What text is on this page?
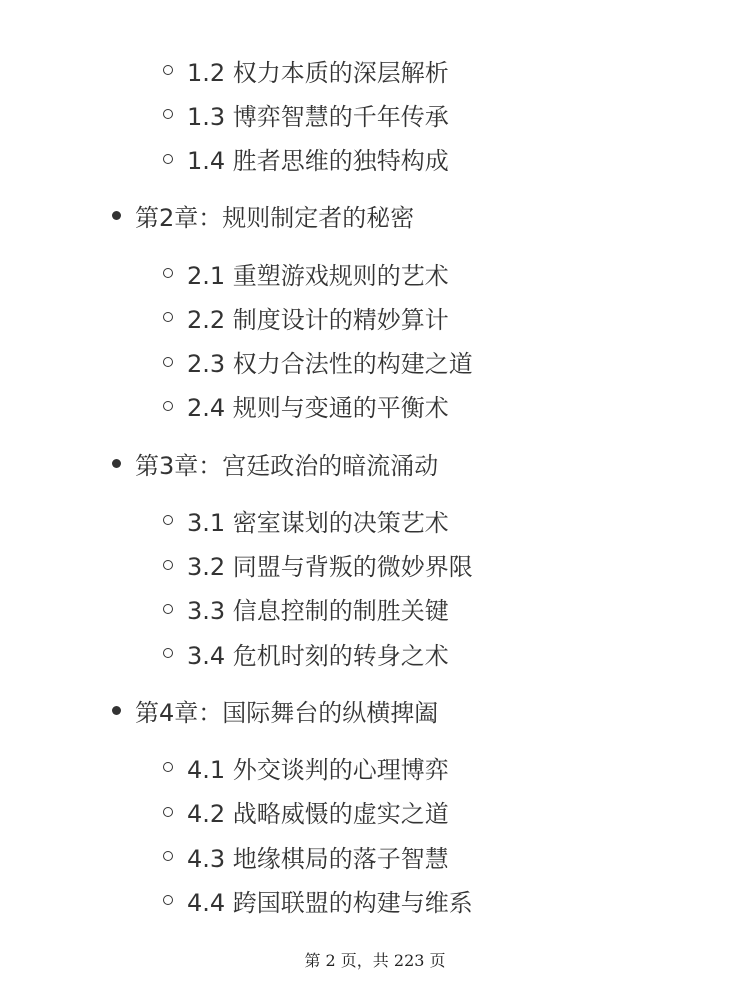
1.2 权力本质的深层解析
1.3 博弈智慧的千年传承
1.4 胜者思维的独特构成
第2章：规则制定者的秘密
2.1 重塑游戏规则的艺术
2.2 制度设计的精妙算计
2.3 权力合法性的构建之道
2.4 规则与变通的平衡术
第3章：宫廷政治的暗流涌动
3.1 密室谋划的决策艺术
3.2 同盟与背叛的微妙界限
3.3 信息控制的制胜关键
3.4 危机时刻的转身之术
第4章：国际舞台的纵横捭阖
4.1 外交谈判的心理博弈
4.2 战略威慑的虚实之道
4.3 地缘棋局的落子智慧
4.4 跨国联盟的构建与维系
第 2 页，共 223 页
